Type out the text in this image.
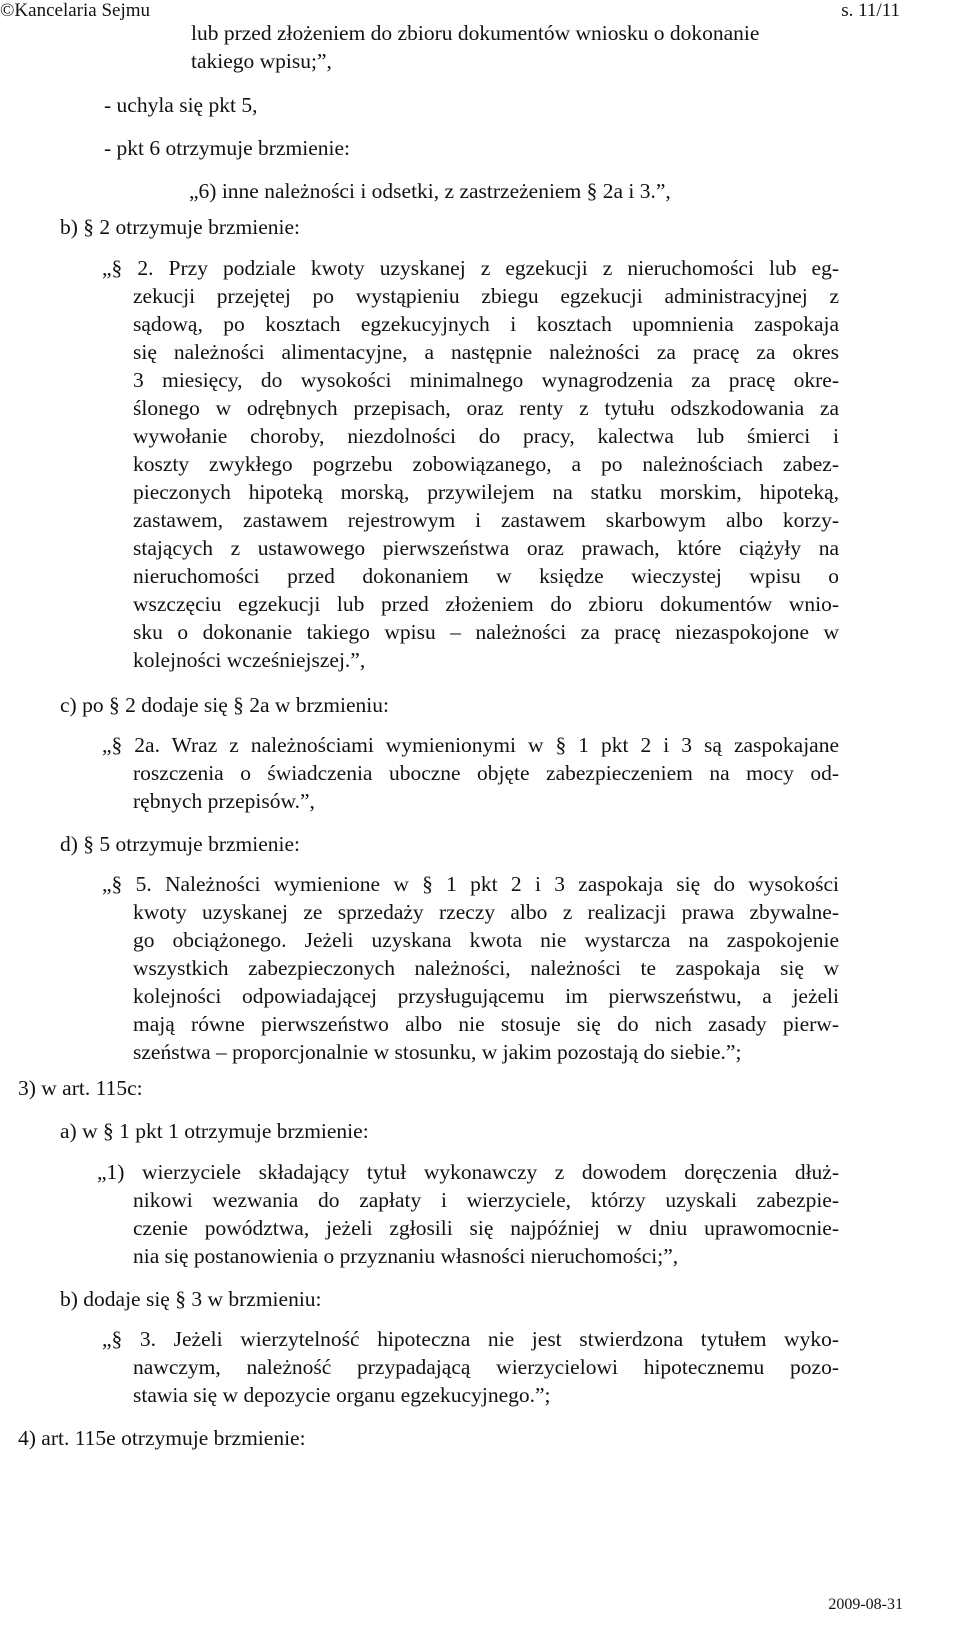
©Kancelaria Sejmu	s. 11/11
lub przed złożeniem do zbioru dokumentów wniosku o dokonanie
takiego wpisu;”,
- uchyla się pkt 5,
- pkt 6 otrzymuje brzmienie:
„6) inne należności i odsetki, z zastrzeżeniem § 2a i 3.”,
b) § 2 otrzymuje brzmienie:
„§ 2. Przy podziale kwoty uzyskanej z egzekucji z nieruchomości lub eg-
zekucji przejętej po wystąpieniu zbiegu egzekucji administracyjnej z
sądową, po kosztach egzekucyjnych i kosztach upomnienia zaspokaja
się należności alimentacyjne, a następnie należności za pracę za okres
3 miesięcy, do wysokości minimalnego wynagrodzenia za pracę okre-
ślonego w odrębnych przepisach, oraz renty z tytułu odszkodowania za
wywołanie choroby, niezdolności do pracy, kalectwa lub śmierci i
koszty zwykłego pogrzebu zobowiązanego, a po należnościach zabez-
pieczonych hipoteką morską, przywilejem na statku morskim, hipoteką,
zastawem, zastawem rejestrowym i zastawem skarbowym albo korzy-
stających z ustawowego pierwszeństwa oraz prawach, które ciążyły na
nieruchomości przed dokonaniem w księdze wieczystej wpisu o
wszczęciu egzekucji lub przed złożeniem do zbioru dokumentów wnio-
sku o dokonanie takiego wpisu – należności za pracę niezaspokojone w
kolejności wcześniejszej.”,
c) po § 2 dodaje się § 2a w brzmieniu:
„§ 2a. Wraz z należnościami wymienionymi w § 1 pkt 2 i 3 są zaspokajane
roszczenia o świadczenia uboczne objęte zabezpieczeniem na mocy od-
rębnych przepisów.”,
d) § 5 otrzymuje brzmienie:
„§ 5. Należności wymienione w § 1 pkt 2 i 3 zaspokaja się do wysokości
kwoty uzyskanej ze sprzedaży rzeczy albo z realizacji prawa zbywalne-
go obciążonego. Jeżeli uzyskana kwota nie wystarcza na zaspokojenie
wszystkich zabezpieczonych należności, należności te zaspokaja się w
kolejności odpowiadającej przysługującemu im pierwszeństwu, a jeżeli
mają równe pierwszeństwo albo nie stosuje się do nich zasady pierw-
szeństwa – proporcjonalnie w stosunku, w jakim pozostają do siebie.”;
3) w art. 115c:
a) w § 1 pkt 1 otrzymuje brzmienie:
„1) wierzyciele składający tytuł wykonawczy z dowodem doręczenia dłuż-
nikowi wezwania do zapłaty i wierzyciele, którzy uzyskali zabezpie-
czenie powództwa, jeżeli zgłosili się najpóźniej w dniu uprawomocnie-
nia się postanowienia o przyznaniu własności nieruchomości;”,
b) dodaje się § 3 w brzmieniu:
„§ 3. Jeżeli wierzytelność hipoteczna nie jest stwierdzona tytułem wyko-
nawczym, należność przypadającą wierzycielowi hipotecznemu pozo-
stawia się w depozycie organu egzekucyjnego.”;
4) art. 115e otrzymuje brzmienie:
2009-08-31
